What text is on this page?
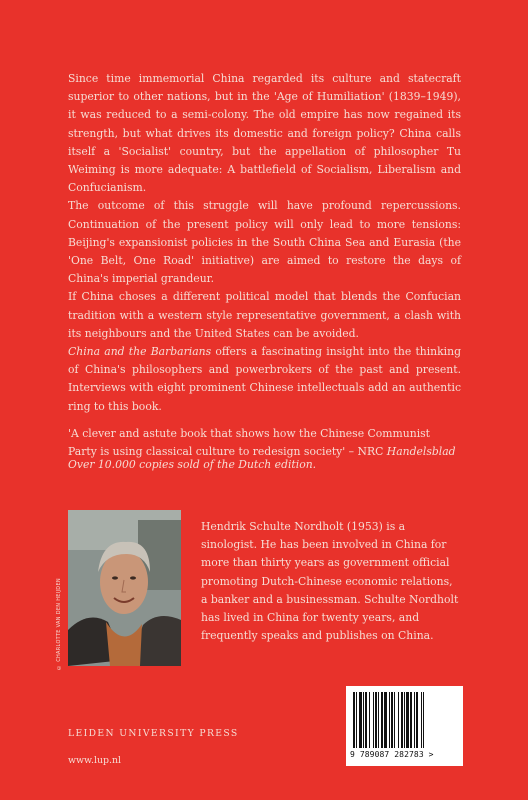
Since time immemorial China regarded its culture and statecraft superior to other nations, but in the 'Age of Humiliation' (1839–1949), it was reduced to a semi-colony. The old empire has now regained its strength, but what drives its domestic and foreign policy? China calls itself a 'Socialist' country, but the appellation of philosopher Tu Weiming is more adequate: A battlefield of Socialism, Liberalism and Confucianism.

The outcome of this struggle will have profound repercussions. Continuation of the present policy will only lead to more tensions: Beijing's expansionist policies in the South China Sea and Eurasia (the 'One Belt, One Road' initiative) are aimed to restore the days of China's imperial grandeur.

If China choses a different political model that blends the Confucian tradition with a western style representative government, a clash with its neighbours and the United States can be avoided.

China and the Barbarians offers a fascinating insight into the thinking of China's philosophers and powerbrokers of the past and present. Interviews with eight prominent Chinese intellectuals add an authentic ring to this book.

'A clever and astute book that shows how the Chinese Communist Party is using classical culture to redesign society' – NRC Handelsblad

Over 10.000 copies sold of the Dutch edition.
© CHARLOTTE VAN DEN HEIJDEN
Hendrik Schulte Nordholt (1953) is a sinologist. He has been involved in China for more than thirty years as government official promoting Dutch-Chinese economic relations, a banker and a businessman. Schulte Nordholt has lived in China for twenty years, and frequently speaks and publishes on China.
9 789087 282783 >
LEIDEN UNIVERSITY PRESS
www.lup.nl
